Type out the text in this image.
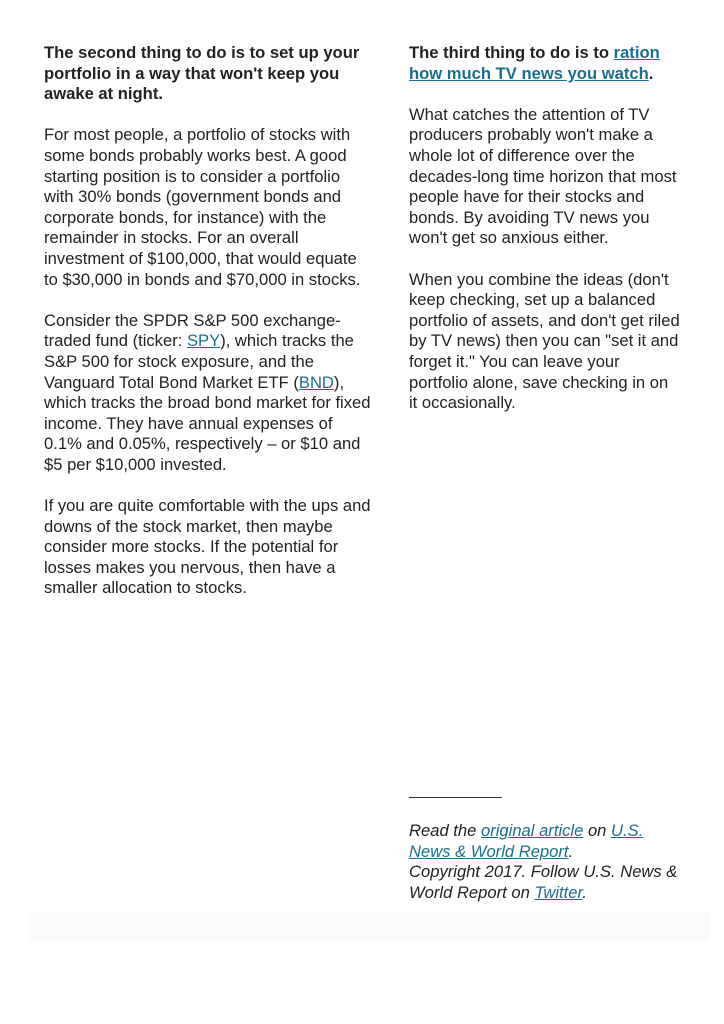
The second thing to do is to set up your portfolio in a way that won't keep you awake at night.

For most people, a portfolio of stocks with some bonds probably works best. A good starting position is to consider a portfolio with 30% bonds (government bonds and corporate bonds, for instance) with the remainder in stocks. For an overall investment of $100,000, that would equate to $30,000 in bonds and $70,000 in stocks.

Consider the SPDR S&P 500 exchange-traded fund (ticker: SPY), which tracks the S&P 500 for stock exposure, and the Vanguard Total Bond Market ETF (BND), which tracks the broad bond market for fixed income. They have annual expenses of 0.1% and 0.05%, respectively – or $10 and $5 per $10,000 invested.

If you are quite comfortable with the ups and downs of the stock market, then maybe consider more stocks. If the potential for losses makes you nervous, then have a smaller allocation to stocks.

The third thing to do is to ration how much TV news you watch.

What catches the attention of TV producers probably won't make a whole lot of difference over the decades-long time horizon that most people have for their stocks and bonds. By avoiding TV news you won't get so anxious either.

When you combine the ideas (don't keep checking, set up a balanced portfolio of assets, and don't get riled by TV news) then you can "set it and forget it." You can leave your portfolio alone, save checking in on it occasionally.

Read the original article on U.S. News & World Report.

Copyright 2017. Follow U.S. News & World Report on Twitter.
